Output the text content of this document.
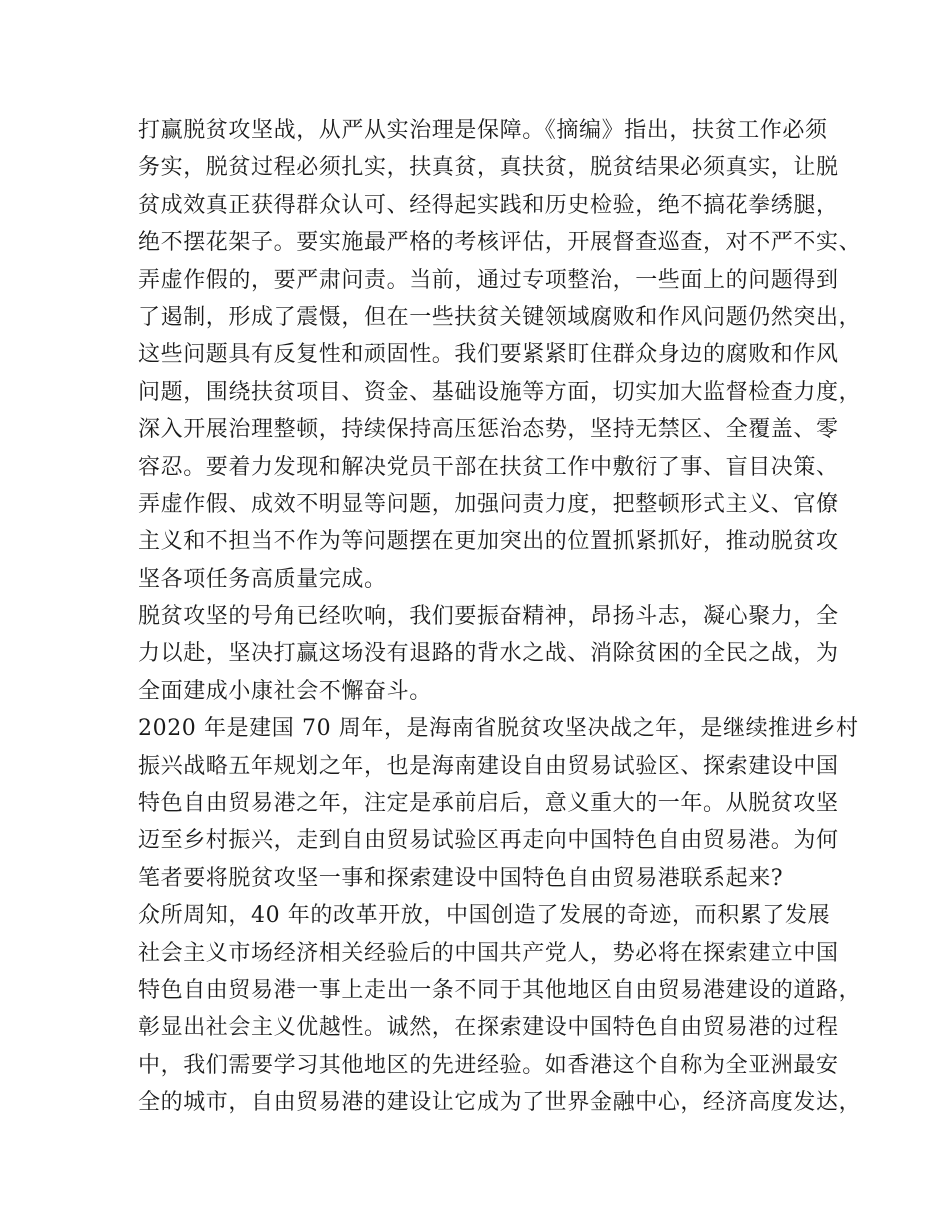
打赢脱贫攻坚战，从严从实治理是保障。《摘编》指出，扶贫工作必须
务实，脱贫过程必须扎实，扶真贫，真扶贫，脱贫结果必须真实，让脱
贫成效真正获得群众认可、经得起实践和历史检验，绝不搞花拳绣腿，
绝不摆花架子。要实施最严格的考核评估，开展督查巡查，对不严不实、
弄虚作假的，要严肃问责。当前，通过专项整治，一些面上的问题得到
了遏制，形成了震慑，但在一些扶贫关键领域腐败和作风问题仍然突出，
这些问题具有反复性和顽固性。我们要紧紧盯住群众身边的腐败和作风
问题，围绕扶贫项目、资金、基础设施等方面，切实加大监督检查力度，
深入开展治理整顿，持续保持高压惩治态势，坚持无禁区、全覆盖、零
容忍。要着力发现和解决党员干部在扶贫工作中敷衍了事、盲目决策、
弄虚作假、成效不明显等问题，加强问责力度，把整顿形式主义、官僚
主义和不担当不作为等问题摆在更加突出的位置抓紧抓好，推动脱贫攻
坚各项任务高质量完成。
脱贫攻坚的号角已经吹响，我们要振奋精神，昂扬斗志，凝心聚力，全
力以赴，坚决打赢这场没有退路的背水之战、消除贫困的全民之战，为
全面建成小康社会不懈奋斗。
2020 年是建国 70 周年，是海南省脱贫攻坚决战之年，是继续推进乡村
振兴战略五年规划之年，也是海南建设自由贸易试验区、探索建设中国
特色自由贸易港之年，注定是承前启后，意义重大的一年。从脱贫攻坚
迈至乡村振兴，走到自由贸易试验区再走向中国特色自由贸易港。为何
笔者要将脱贫攻坚一事和探索建设中国特色自由贸易港联系起来?
众所周知，40 年的改革开放，中国创造了发展的奇迹，而积累了发展
社会主义市场经济相关经验后的中国共产党人，势必将在探索建立中国
特色自由贸易港一事上走出一条不同于其他地区自由贸易港建设的道路，
彰显出社会主义优越性。诚然，在探索建设中国特色自由贸易港的过程
中，我们需要学习其他地区的先进经验。如香港这个自称为全亚洲最安
全的城市，自由贸易港的建设让它成为了世界金融中心，经济高度发达，
